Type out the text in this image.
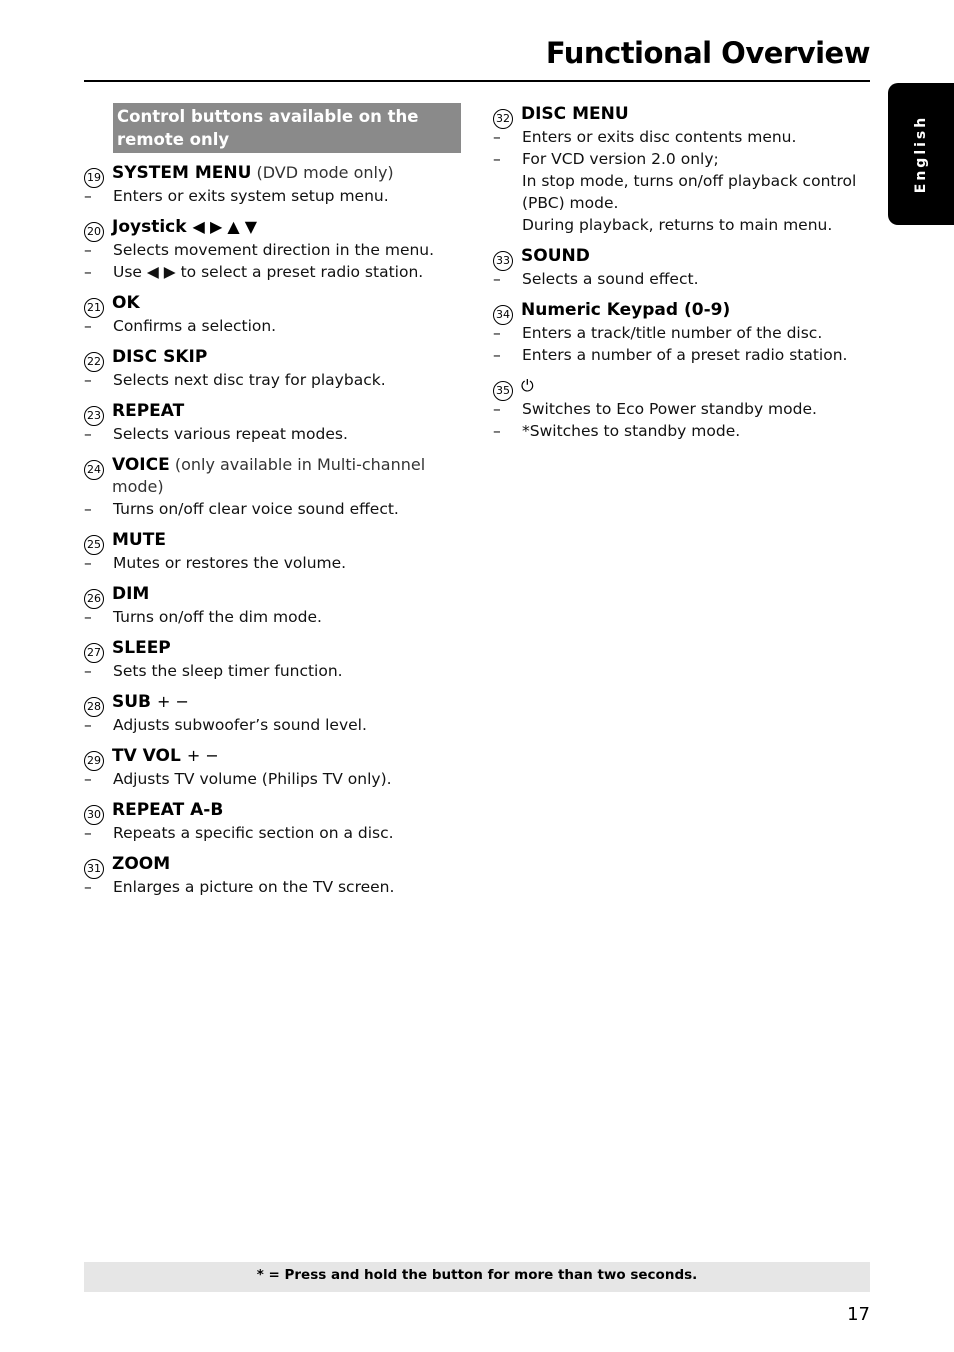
Functional Overview
English
Control buttons available on the remote only
19 SYSTEM MENU (DVD mode only)
–	Enters or exits system setup menu.
20 Joystick ◀ ▶ ▲ ▼
–	Selects movement direction in the menu.
–	Use ◀ ▶ to select a preset radio station.
21 OK
–	Confirms a selection.
22 DISC SKIP
–	Selects next disc tray for playback.
23 REPEAT
–	Selects various repeat modes.
24 VOICE (only available in Multi-channel mode)
–	Turns on/off clear voice sound effect.
25 MUTE
–	Mutes or restores the volume.
26 DIM
–	Turns on/off the dim mode.
27 SLEEP
–	Sets the sleep timer function.
28 SUB + −
–	Adjusts subwoofer’s sound level.
29 TV VOL + −
–	Adjusts TV volume (Philips TV only).
30 REPEAT A-B
–	Repeats a specific section on a disc.
31 ZOOM
–	Enlarges a picture on the TV screen.
32 DISC MENU
–	Enters or exits disc contents menu.
–	For VCD version 2.0 only;
In stop mode, turns on/off playback control (PBC) mode.
During playback, returns to main menu.
33 SOUND
–	Selects a sound effect.
34 Numeric Keypad (0-9)
–	Enters a track/title number of the disc.
–	Enters a number of a preset radio station.
35 ⏻
–	Switches to Eco Power standby mode.
–	*Switches to standby mode.
* = Press and hold the button for more than two seconds.
17
